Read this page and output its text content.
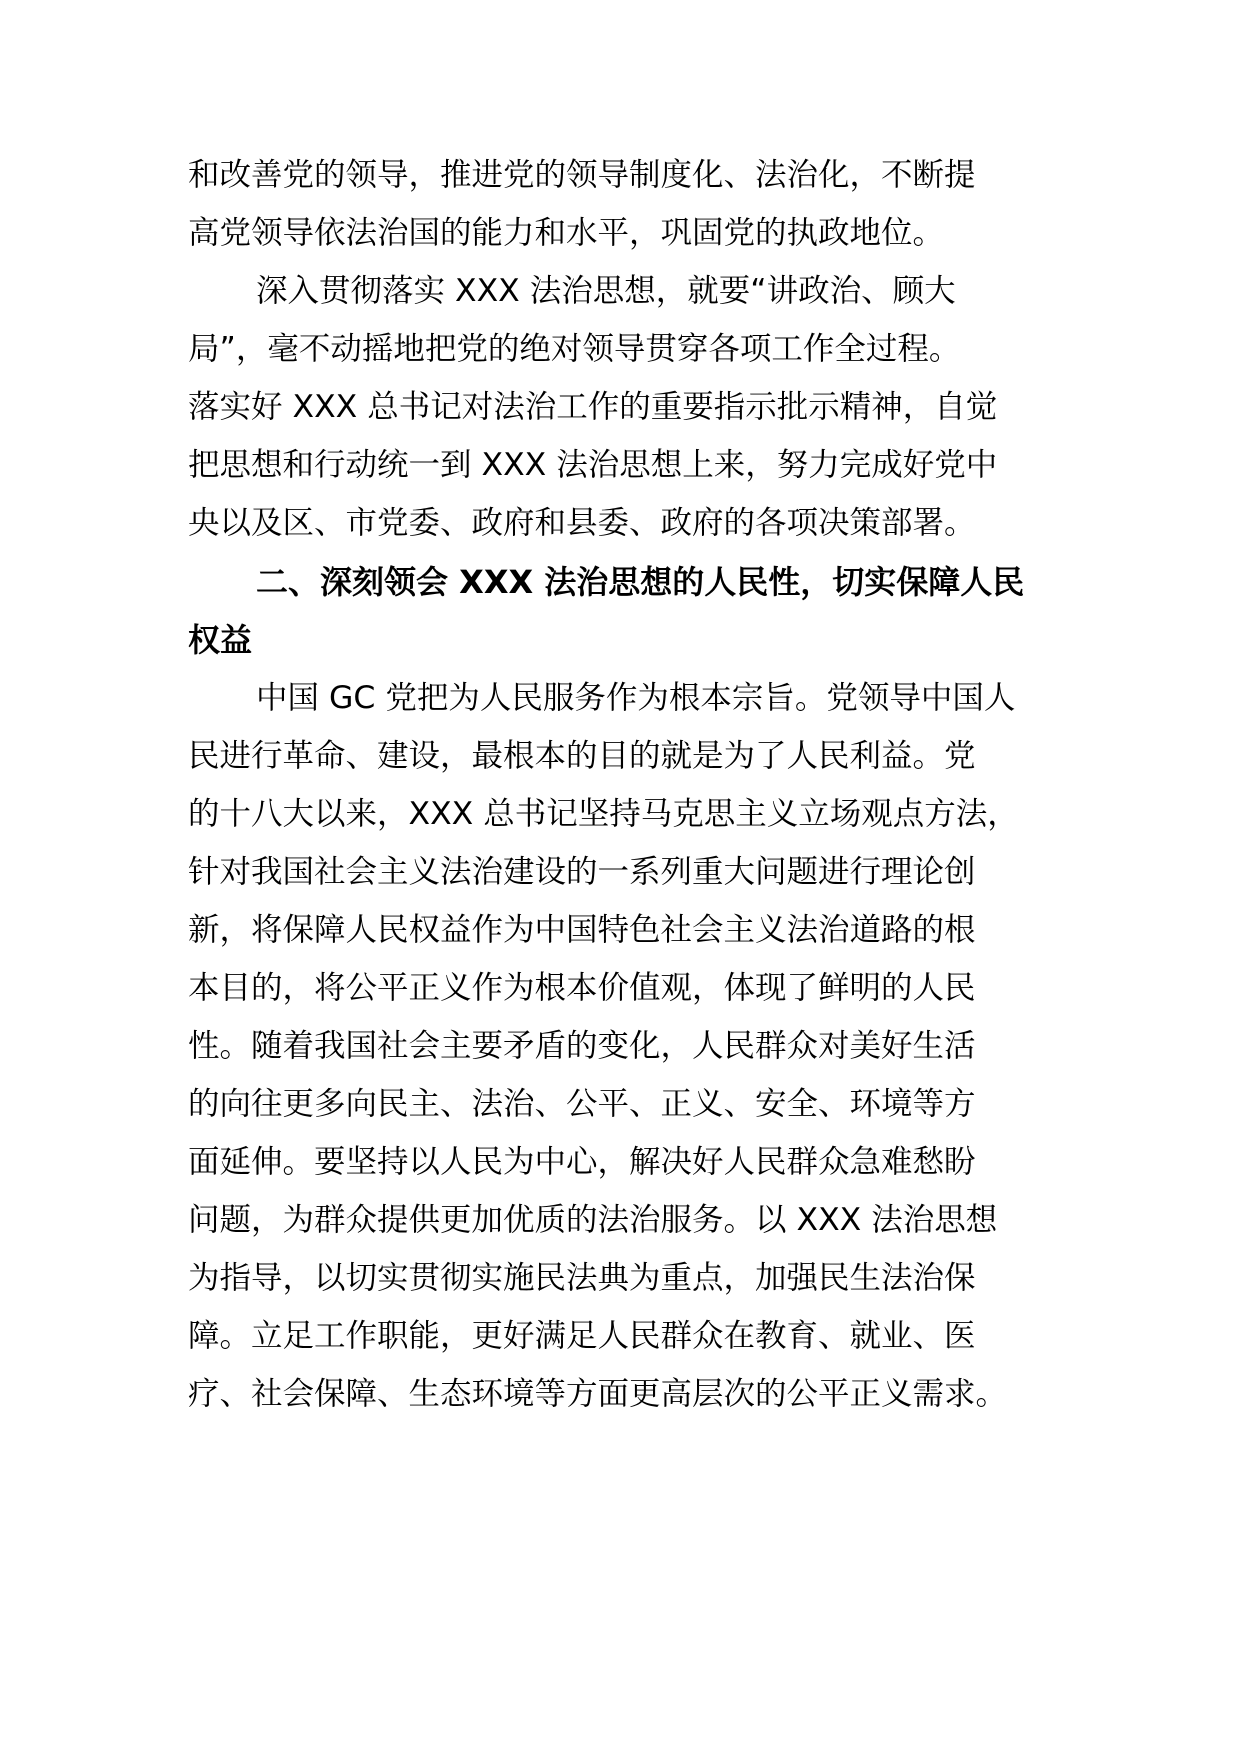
和改善党的领导，推进党的领导制度化、法治化，不断提
高党领导依法治国的能力和水平，巩固党的执政地位。
深入贯彻落实 XXX 法治思想，就要“讲政治、顾大
局”，毫不动摇地把党的绝对领导贯穿各项工作全过程。
落实好 XXX 总书记对法治工作的重要指示批示精神，自觉
把思想和行动统一到 XXX 法治思想上来，努力完成好党中
央以及区、市党委、政府和县委、政府的各项决策部署。
二、深刻领会 XXX 法治思想的人民性，切实保障人民
权益
中国 GC 党把为人民服务作为根本宗旨。党领导中国人
民进行革命、建设，最根本的目的就是为了人民利益。党
的十八大以来，XXX 总书记坚持马克思主义立场观点方法，
针对我国社会主义法治建设的一系列重大问题进行理论创
新，将保障人民权益作为中国特色社会主义法治道路的根
本目的，将公平正义作为根本价值观，体现了鲜明的人民
性。随着我国社会主要矛盾的变化，人民群众对美好生活
的向往更多向民主、法治、公平、正义、安全、环境等方
面延伸。要坚持以人民为中心，解决好人民群众急难愁盼
问题，为群众提供更加优质的法治服务。以 XXX 法治思想
为指导，以切实贯彻实施民法典为重点，加强民生法治保
障。立足工作职能，更好满足人民群众在教育、就业、医
疗、社会保障、生态环境等方面更高层次的公平正义需求。
